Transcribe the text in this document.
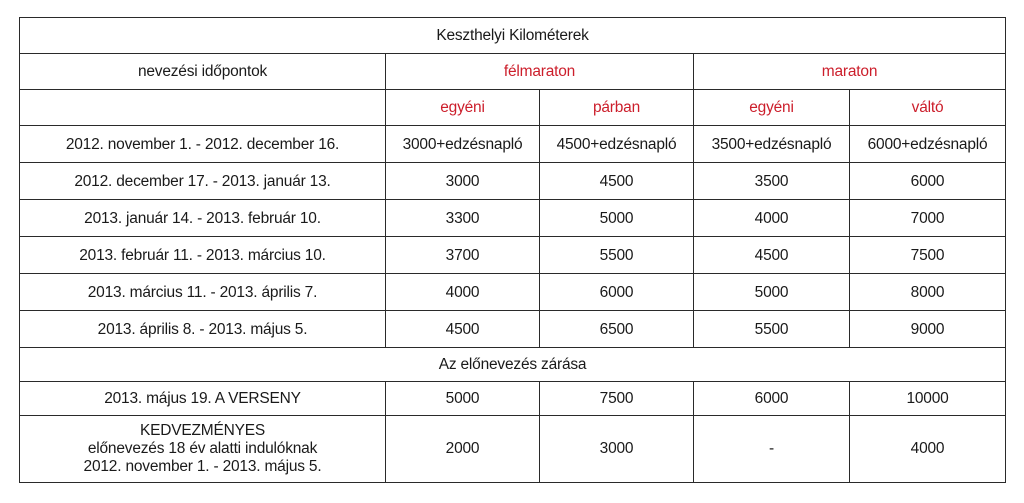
Keszthelyi Kilométerek				
nevezési időpontok	félmaraton		maraton	
	egyéni	párban	egyéni	váltó
2012. november 1. - 2012. december 16.	3000+edzésnapló	4500+edzésnapló	3500+edzésnapló	6000+edzésnapló
2012. december 17. - 2013. január 13.	3000	4500	3500	6000
2013. január 14. - 2013. február 10.	3300	5000	4000	7000
2013. február 11. - 2013. március 10.	3700	5500	4500	7500
2013. március 11. - 2013. április 7.	4000	6000	5000	8000
2013. április 8. - 2013. május 5.	4500	6500	5500	9000
Az előnevezés zárása				
2013. május 19. A VERSENY	5000	7500	6000	10000

KEDVEZMÉNYES
előnevezés 18 év alatti indulóknak
2012. november 1. - 2013. május 5.	2000	3000	-	4000
